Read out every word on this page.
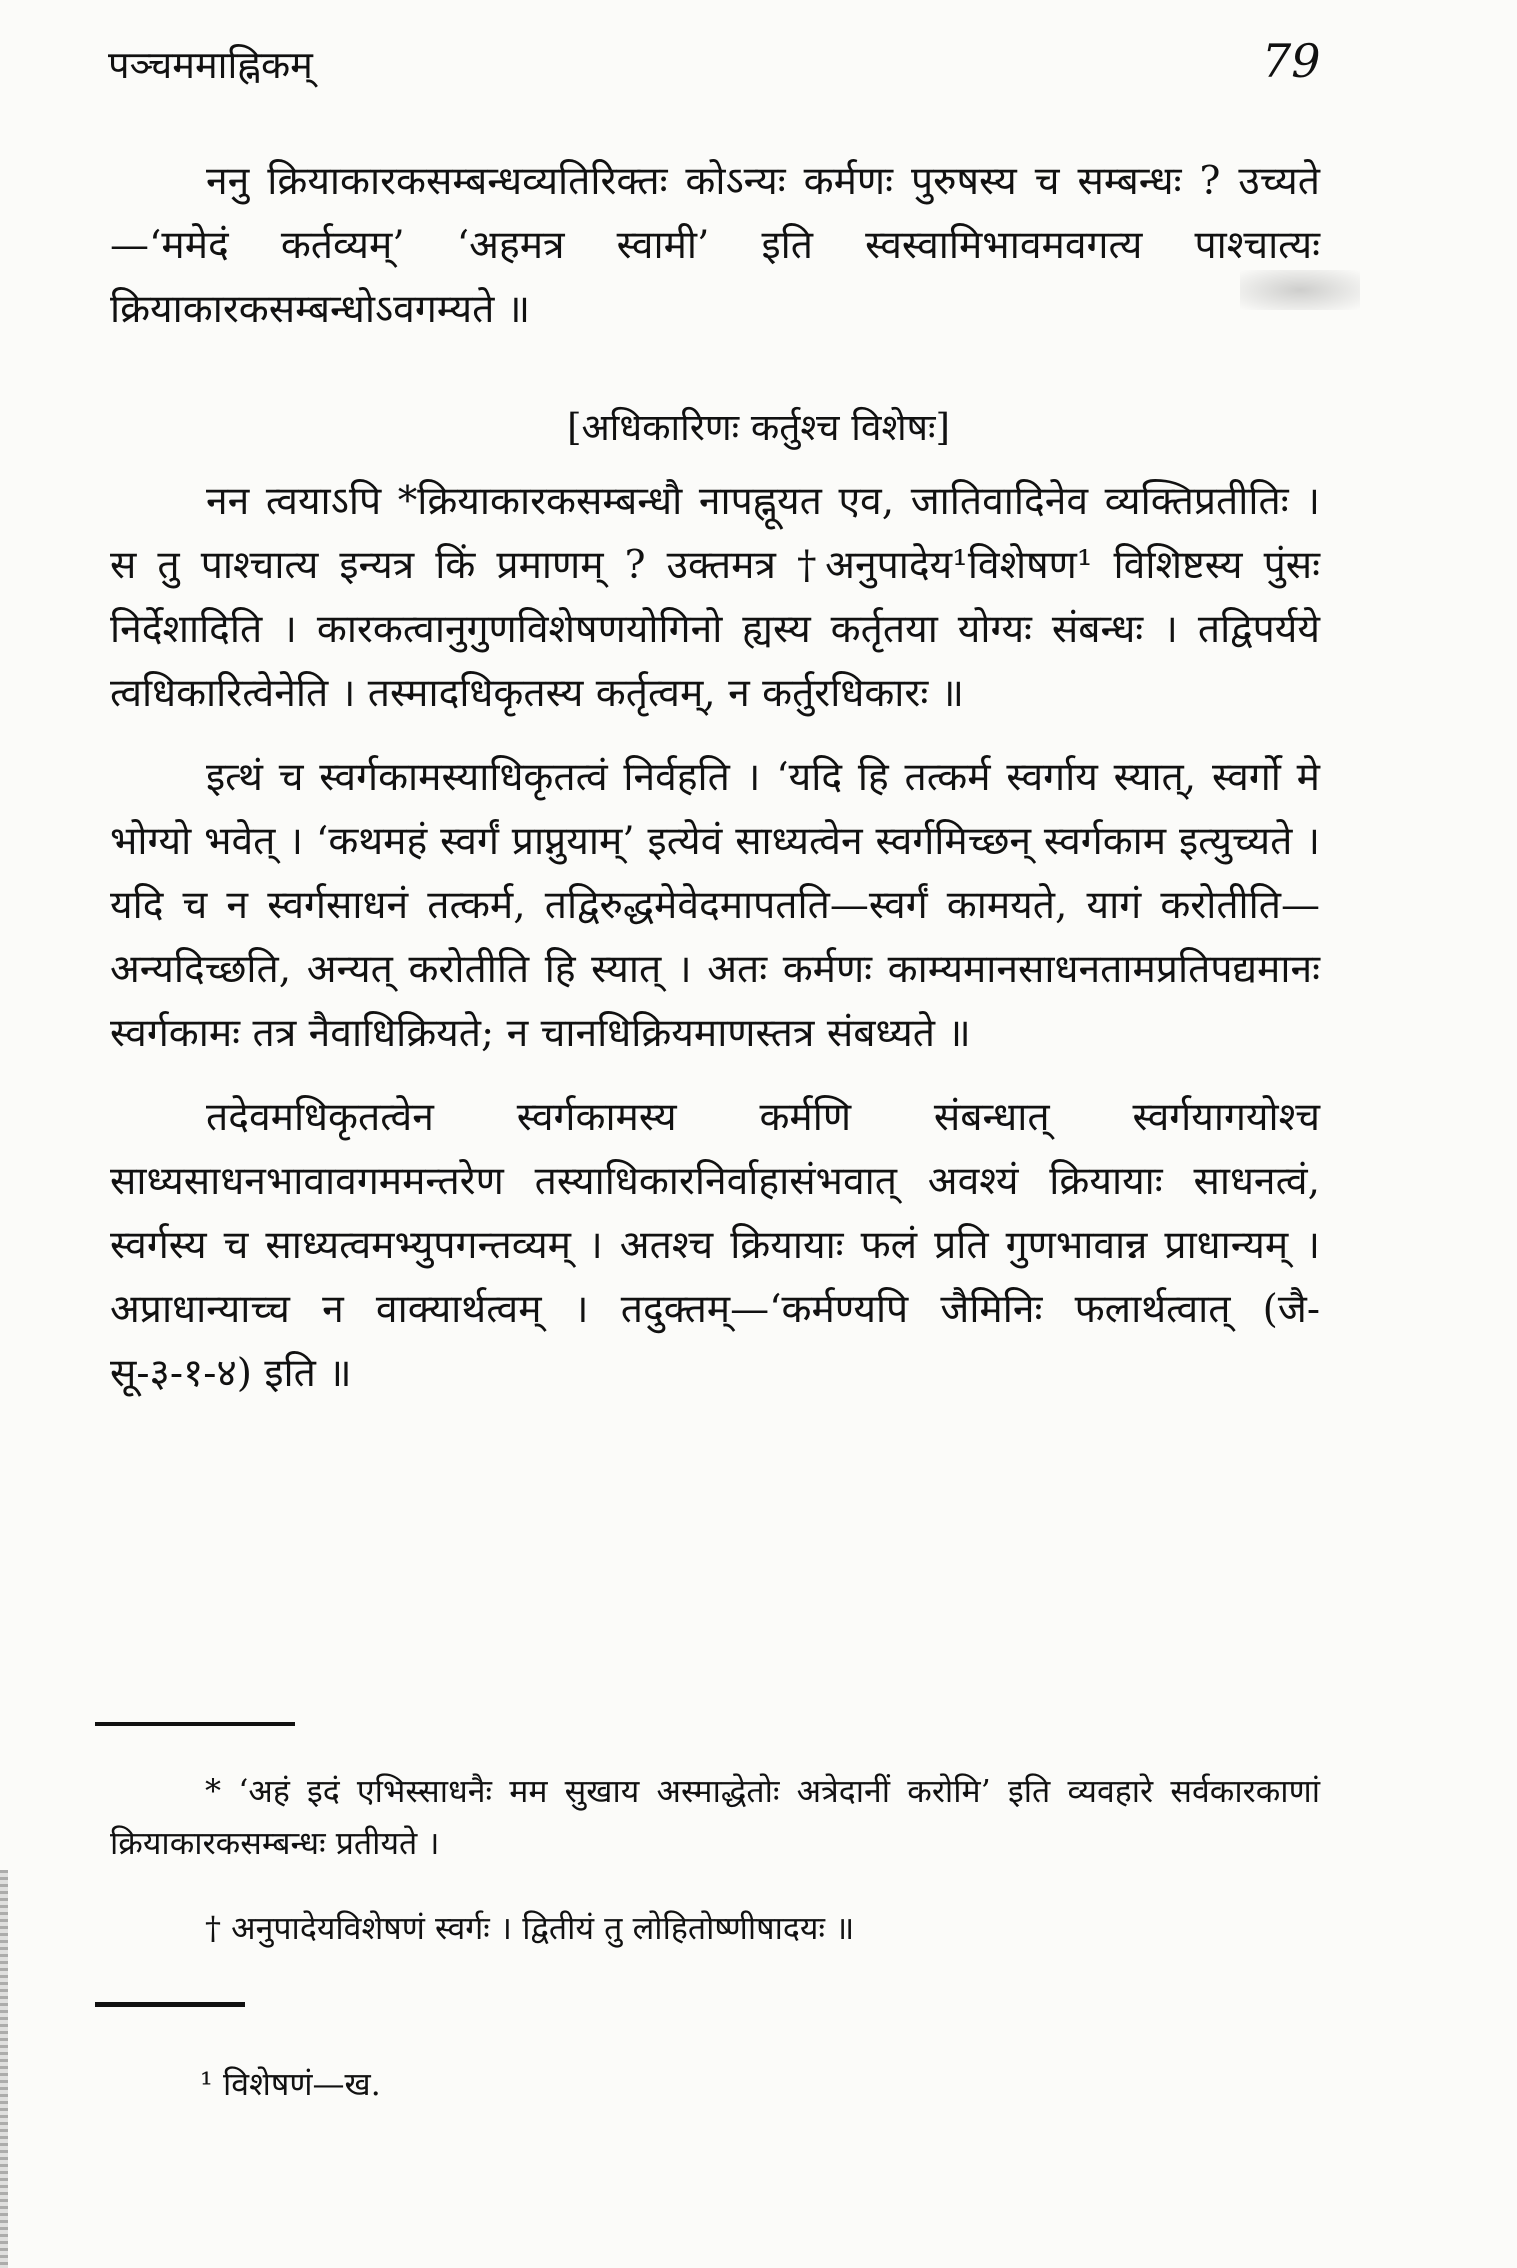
पञ्चममाह्निकम्	79

ननु क्रियाकारकसम्बन्धव्यतिरिक्तः कोऽन्यः कर्मणः पुरुषस्य च सम्बन्धः ? उच्यते—‘ममेदं कर्तव्यम्’ ‘अहमत्र स्वामी’ इति स्वस्वामिभावमवगत्य पाश्चात्यः क्रियाकारकसम्बन्धोऽवगम्यते ॥

[अधिकारिणः कर्तुश्च विशेषः]

नन त्वयाऽपि *क्रियाकारकसम्बन्धौ नापह्नूयत एव, जातिवादिनेव व्यक्तिप्रतीतिः । स तु पाश्चात्य इन्यत्र किं प्रमाणम् ? उक्तमत्र †अनुपादेय¹विशेषण¹ विशिष्टस्य पुंसः निर्देशादिति । कारकत्वानुगुणविशेषणयोगिनो ह्यस्य कर्तृतया योग्यः संबन्धः । तद्विपर्यये त्वधिकारित्वेनेति । तस्मादधिकृतस्य कर्तृत्वम्, न कर्तुरधिकारः ॥

इत्थं च स्वर्गकामस्याधिकृतत्वं निर्वहति । ‘यदि हि तत्कर्म स्वर्गाय स्यात्, स्वर्गो मे भोग्यो भवेत् । ‘कथमहं स्वर्गं प्राप्नुयाम्’ इत्येवं साध्यत्वेन स्वर्गमिच्छन् स्वर्गकाम इत्युच्यते । यदि च न स्वर्गसाधनं तत्कर्म, तद्विरुद्धमेवेदमापतति—स्वर्गं कामयते, यागं करोतीति—अन्यदिच्छति, अन्यत् करोतीति हि स्यात् । अतः कर्मणः काम्यमानसाधनतामप्रतिपद्यमानः स्वर्गकामः तत्र नैवाधिक्रियते; न चानधिक्रियमाणस्तत्र संबध्यते ॥

तदेवमधिकृतत्वेन स्वर्गकामस्य कर्मणि संबन्धात् स्वर्गयागयोश्च साध्यसाधनभावावगममन्तरेण तस्याधिकारनिर्वाहासंभवात् अवश्यं क्रियायाः साधनत्वं, स्वर्गस्य च साध्यत्वमभ्युपगन्तव्यम् । अतश्च क्रियायाः फलं प्रति गुणभावान्न प्राधान्यम् । अप्राधान्याच्च न वाक्यार्थत्वम् । तदुक्तम्—‘कर्मण्यपि जैमिनिः फलार्थत्वात् (जै-सू-३-१-४) इति ॥

* ‘अहं इदं एभिस्साधनैः मम सुखाय अस्माद्धेतोः अत्रेदानीं करोमि’ इति व्यवहारे सर्वकारकाणां क्रियाकारकसम्बन्धः प्रतीयते ।
† अनुपादेयविशेषणं स्वर्गः । द्वितीयं तु लोहितोष्णीषादयः ॥
¹ विशेषणं—ख.
